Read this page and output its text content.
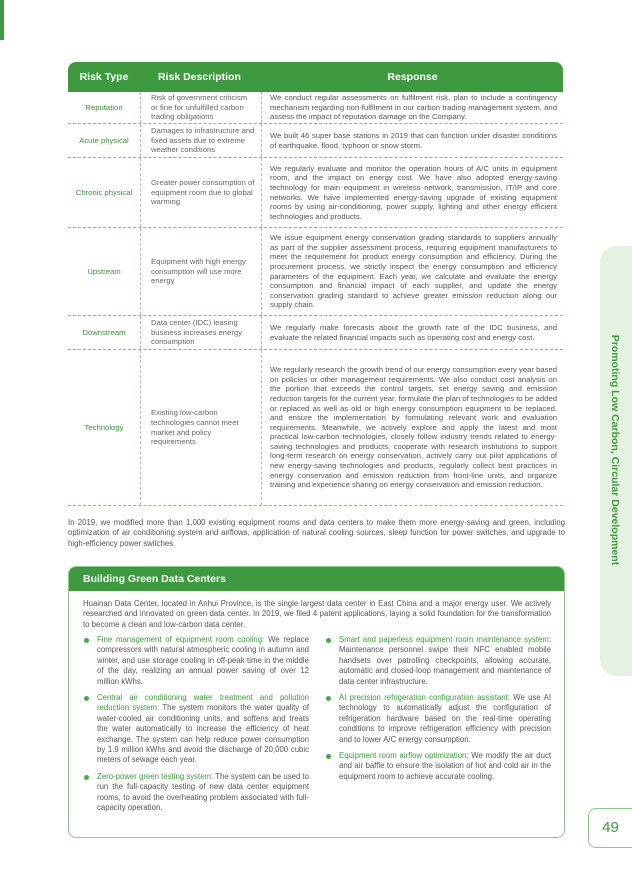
Risk Type	Risk Description	Response
Reputation
Risk of government criticism or fine for unfulfilled carbon trading obligations
We conduct regular assessments on fulfilment risk, plan to include a contingency mechanism regarding non-fulfilment in our carbon trading management system, and assess the impact of reputation damage on the Company.
Acute physical
Damages to infrastructure and fixed assets due to extreme weather conditions
We built 46 super base stations in 2019 that can function under disaster conditions of earthquake, flood, typhoon or snow storm.
Chronic physical
Greater power consumption of equipment room due to global warming
We regularly evaluate and monitor the operation hours of A/C units in equipment room, and the impact on energy cost. We have also adopted energy-saving technology for main equipment in wireless network, transmission, IT/IP and core networks. We have implemented energy-saving upgrade of existing equipment rooms by using air-conditioning, power supply, lighting and other energy efficient technologies and products.
Upstream
Equipment with high energy consumption will use more energy
We issue equipment energy conservation grading standards to suppliers annually as part of the supplier assessment process, requiring equipment manufacturers to meet the requirement for product energy consumption and efficiency. During the procurement process, we strictly inspect the energy consumption and efficiency parameters of the equipment. Each year, we calculate and evaluate the energy consumption and financial impact of each supplier, and update the energy conservation grading standard to achieve greater emission reduction along our supply chain.
Downstream
Data center (IDC) leasing business increases energy consumption
We regularly make forecasts about the growth rate of the IDC business, and evaluate the related financial impacts such as operating cost and energy cost.
Technology
Existing low-carbon technologies cannot meet market and policy requirements
We regularly research the growth trend of our energy consumption every year based on policies or other management requirements. We also conduct cost analysis on the portion that exceeds the control targets, set energy saving and emission reduction targets for the current year, formulate the plan of technologies to be added or replaced as well as old or high energy consumption equipment to be replaced, and ensure the implementation by formulating relevant work and evaluation requirements. Meanwhile, we actively explore and apply the latest and most practical low-carbon technologies, closely follow industry trends related to energy-saving technologies and products, cooperate with research institutions to support long-term research on energy conservation, actively carry out pilot applications of new energy-saving technologies and products, regularly collect best practices in energy conservation and emission reduction from front-line units, and organize training and experience sharing on energy conservation and emission reduction.
In 2019, we modified more than 1,000 existing equipment rooms and data centers to make them more energy-saving and green, including optimization of air conditioning system and airflows, application of natural cooling sources, sleep function for power switches, and upgrade to high-efficiency power switches.
Building Green Data Centers
Huainan Data Center, located in Anhui Province, is the single largest data center in East China and a major energy user. We actively researched and innovated on green data center. In 2019, we filed 4 patent applications, laying a solid foundation for the transformation to become a clean and low-carbon data center.
Fine management of equipment room cooling: We replace compressors with natural atmospheric cooling in autumn and winter, and use storage cooling in off-peak time in the middle of the day, realizing an annual power saving of over 12 million kWhs.
Central air conditioning water treatment and pollution reduction system: The system monitors the water quality of water-cooled air conditioning units, and softens and treats the water automatically to increase the efficiency of heat exchange. The system can help reduce power consumption by 1.9 million kWhs and avoid the discharge of 20,000 cubic meters of sewage each year.
Zero-power green testing system: The system can be used to run the full-capacity testing of new data center equipment rooms, to avoid the overheating problem associated with full-capacity operation.
Smart and paperless equipment room maintenance system: Maintenance personnel swipe their NFC enabled mobile handsets over patrolling checkpoints, allowing accurate, automatic and closed-loop management and maintenance of data center infrastructure.
AI precision refrigeration configuration assistant: We use AI technology to automatically adjust the configuration of refrigeration hardware based on the real-time operating conditions to improve refrigeration efficiency with precision and to lower A/C energy consumption.
Equipment room airflow optimization: We modify the air duct and air baffle to ensure the isolation of hot and cold air in the equipment room to achieve accurate cooling.
Promoting Low Carbon, Circular Development
49
